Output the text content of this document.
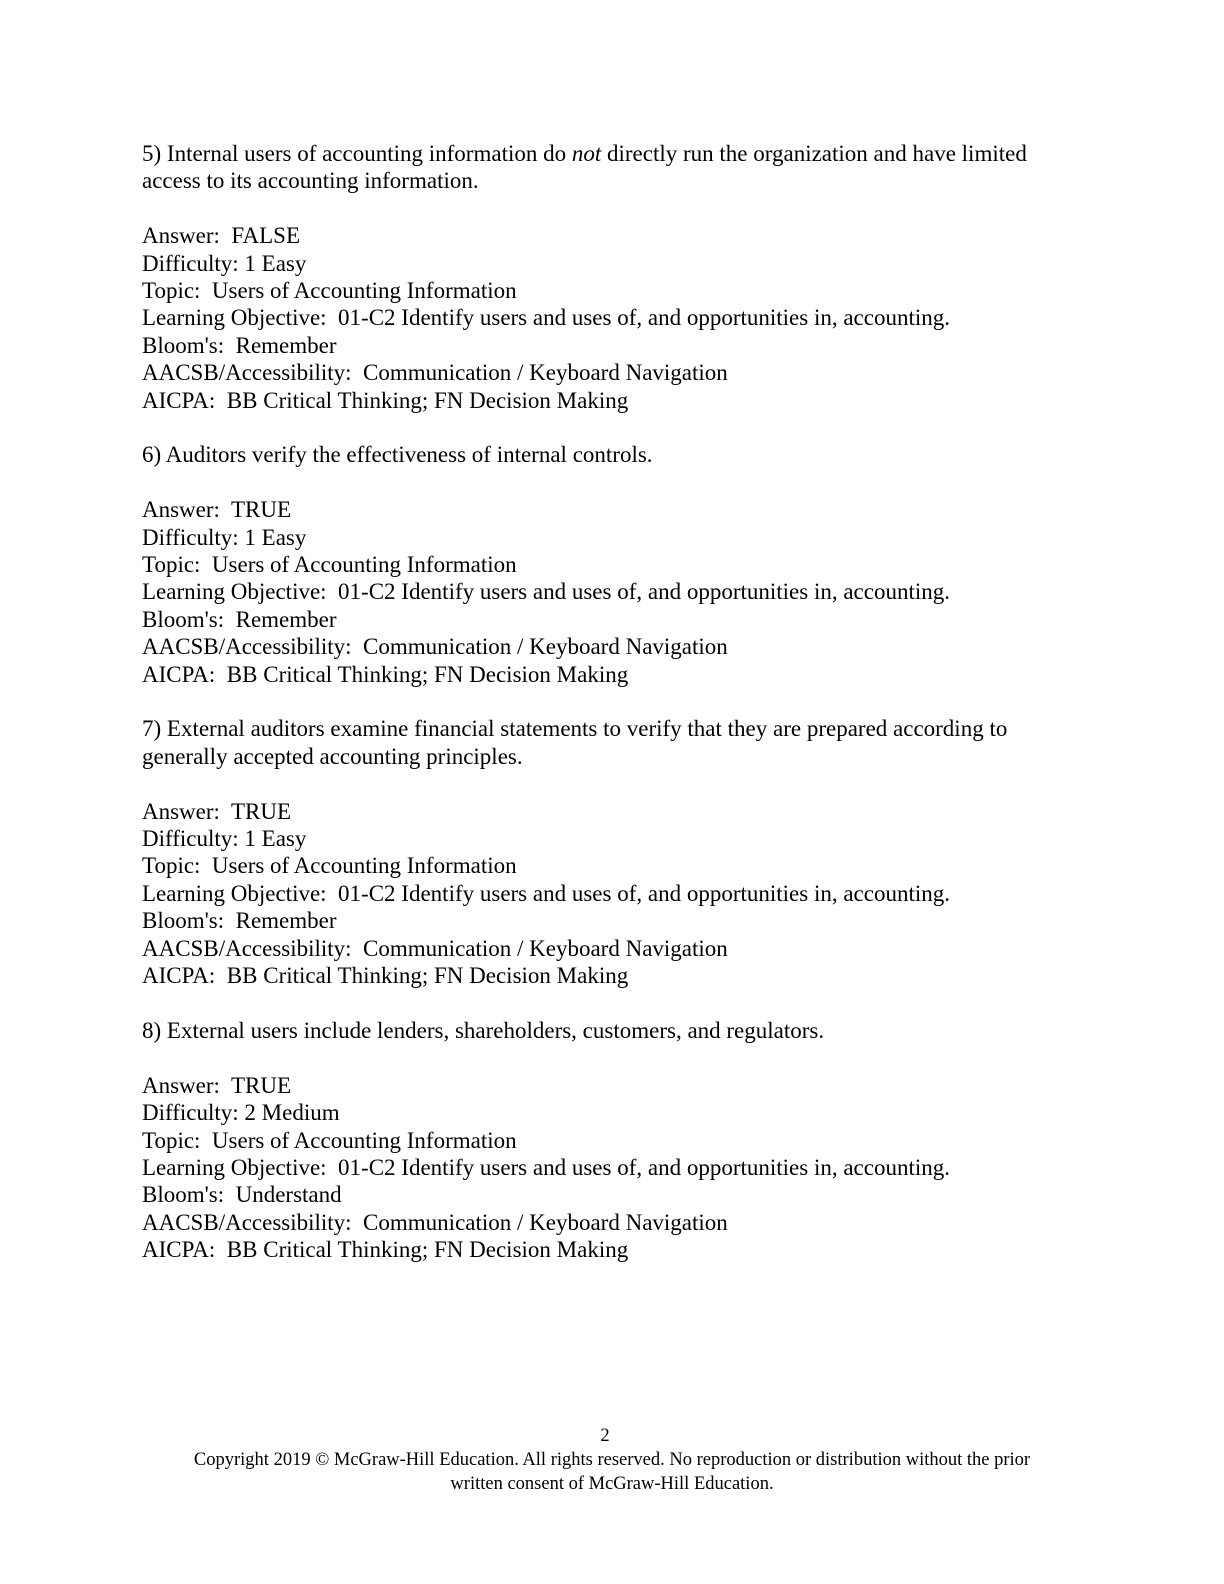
5) Internal users of accounting information do not directly run the organization and have limited access to its accounting information.
Answer:  FALSE
Difficulty: 1 Easy
Topic:  Users of Accounting Information
Learning Objective:  01-C2 Identify users and uses of, and opportunities in, accounting.
Bloom's:  Remember
AACSB/Accessibility:  Communication / Keyboard Navigation
AICPA:  BB Critical Thinking; FN Decision Making
6) Auditors verify the effectiveness of internal controls.
Answer:  TRUE
Difficulty: 1 Easy
Topic:  Users of Accounting Information
Learning Objective:  01-C2 Identify users and uses of, and opportunities in, accounting.
Bloom's:  Remember
AACSB/Accessibility:  Communication / Keyboard Navigation
AICPA:  BB Critical Thinking; FN Decision Making
7) External auditors examine financial statements to verify that they are prepared according to generally accepted accounting principles.
Answer:  TRUE
Difficulty: 1 Easy
Topic:  Users of Accounting Information
Learning Objective:  01-C2 Identify users and uses of, and opportunities in, accounting.
Bloom's:  Remember
AACSB/Accessibility:  Communication / Keyboard Navigation
AICPA:  BB Critical Thinking; FN Decision Making
8) External users include lenders, shareholders, customers, and regulators.
Answer:  TRUE
Difficulty: 2 Medium
Topic:  Users of Accounting Information
Learning Objective:  01-C2 Identify users and uses of, and opportunities in, accounting.
Bloom's:  Understand
AACSB/Accessibility:  Communication / Keyboard Navigation
AICPA:  BB Critical Thinking; FN Decision Making
2
Copyright 2019 © McGraw-Hill Education. All rights reserved. No reproduction or distribution without the prior
written consent of McGraw-Hill Education.
